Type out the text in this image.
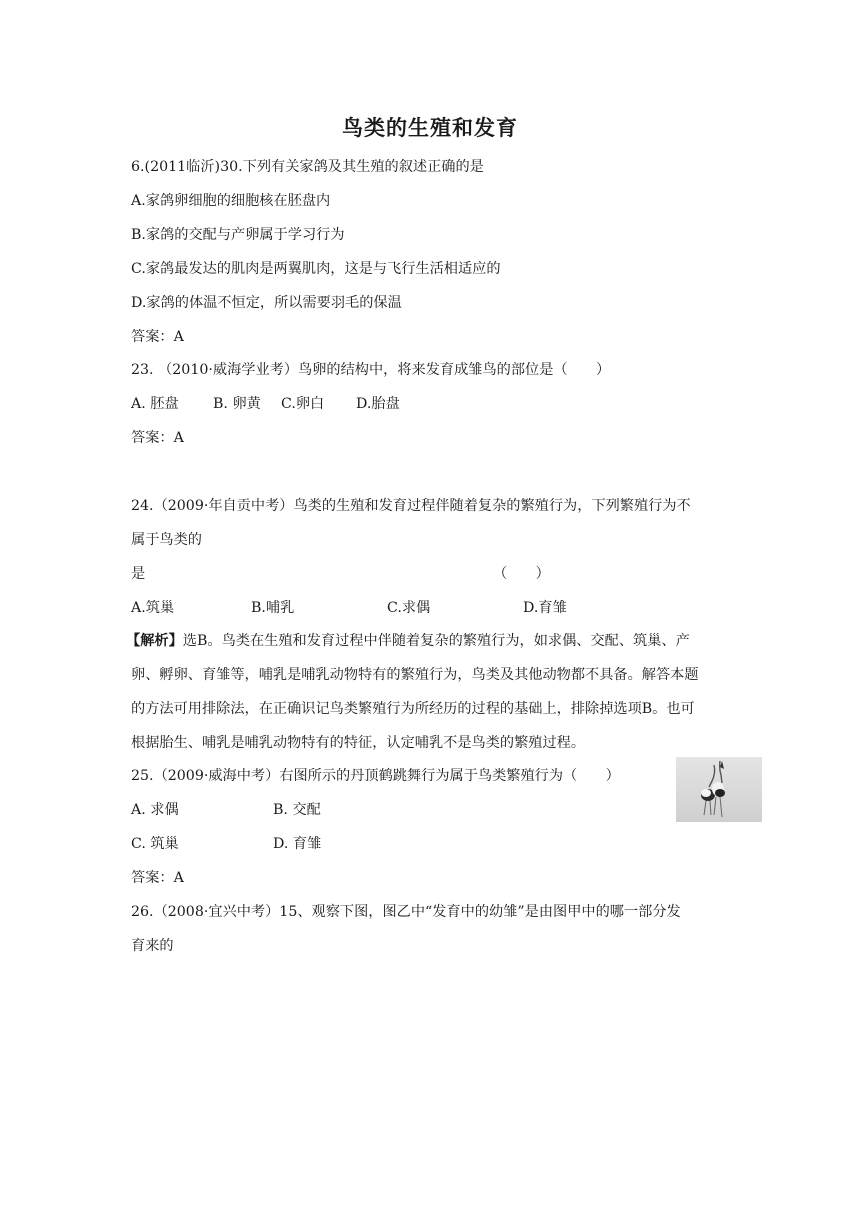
鸟类的生殖和发育
6.(2011临沂)30.下列有关家鸽及其生殖的叙述正确的是
A.家鸽卵细胞的细胞核在胚盘内
B.家鸽的交配与产卵属于学习行为
C.家鸽最发达的肌肉是两翼肌肉，这是与飞行生活相适应的
D.家鸽的体温不恒定，所以需要羽毛的保温
答案：A
23. （2010·威海学业考）鸟卵的结构中，将来发育成雏鸟的部位是（　　）
A. 胚盘 B. 卵黄 C.卵白 D.胎盘
答案：A
24.（2009·年自贡中考）鸟类的生殖和发育过程伴随着复杂的繁殖行为，下列繁殖行为不
属于鸟类的
是	（　　）
A.筑巢	B.哺乳	C.求偶	D.育雏
【解析】选B。鸟类在生殖和发育过程中伴随着复杂的繁殖行为，如求偶、交配、筑巢、产
卵、孵卵、育雏等，哺乳是哺乳动物特有的繁殖行为，鸟类及其他动物都不具备。解答本题
的方法可用排除法，在正确识记鸟类繁殖行为所经历的过程的基础上，排除掉选项B。也可
根据胎生、哺乳是哺乳动物特有的特征，认定哺乳不是鸟类的繁殖过程。
25.（2009·威海中考）右图所示的丹顶鹤跳舞行为属于鸟类繁殖行为（　　）
A. 求偶	B. 交配
C. 筑巢	D. 育雏
答案：A
26.（2008·宜兴中考）15、观察下图，图乙中“发育中的幼雏”是由图甲中的哪一部分发
育来的
